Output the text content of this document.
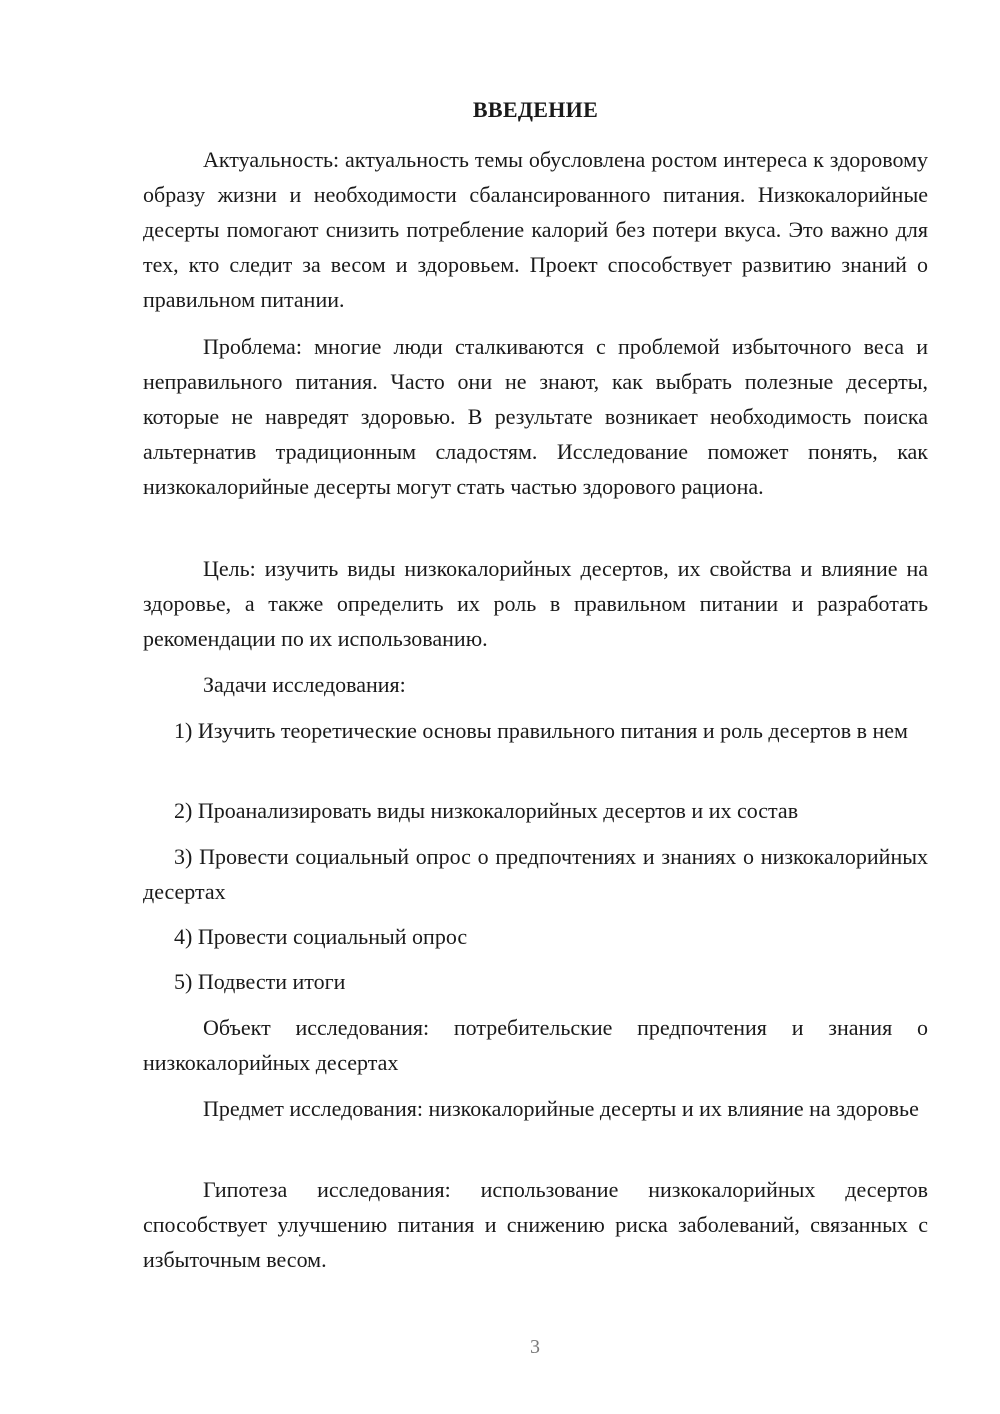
ВВЕДЕНИЕ

Актуальность: актуальность темы обусловлена ростом интереса к здоровому образу жизни и необходимости сбалансированного питания. Низкокалорийные десерты помогают снизить потребление калорий без потери вкуса. Это важно для тех, кто следит за весом и здоровьем. Проект способствует развитию знаний о правильном питании.

Проблема: многие люди сталкиваются с проблемой избыточного веса и неправильного питания. Часто они не знают, как выбрать полезные десерты, которые не навредят здоровью. В результате возникает необходимость поиска альтернатив традиционным сладостям. Исследование поможет понять, как низкокалорийные десерты могут стать частью здорового рациона.

Цель: изучить виды низкокалорийных десертов, их свойства и влияние на здоровье, а также определить их роль в правильном питании и разработать рекомендации по их использованию.

Задачи исследования:

1) Изучить теоретические основы правильного питания и роль десертов в нем

2) Проанализировать виды низкокалорийных десертов и их состав

3) Провести социальный опрос о предпочтениях и знаниях о низкокалорийных десертах

4) Провести социальный опрос

5) Подвести итоги

Объект исследования: потребительские предпочтения и знания о низкокалорийных десертах

Предмет исследования: низкокалорийные десерты и их влияние на здоровье

Гипотеза исследования: использование низкокалорийных десертов способствует улучшению питания и снижению риска заболеваний, связанных с избыточным весом.

3
